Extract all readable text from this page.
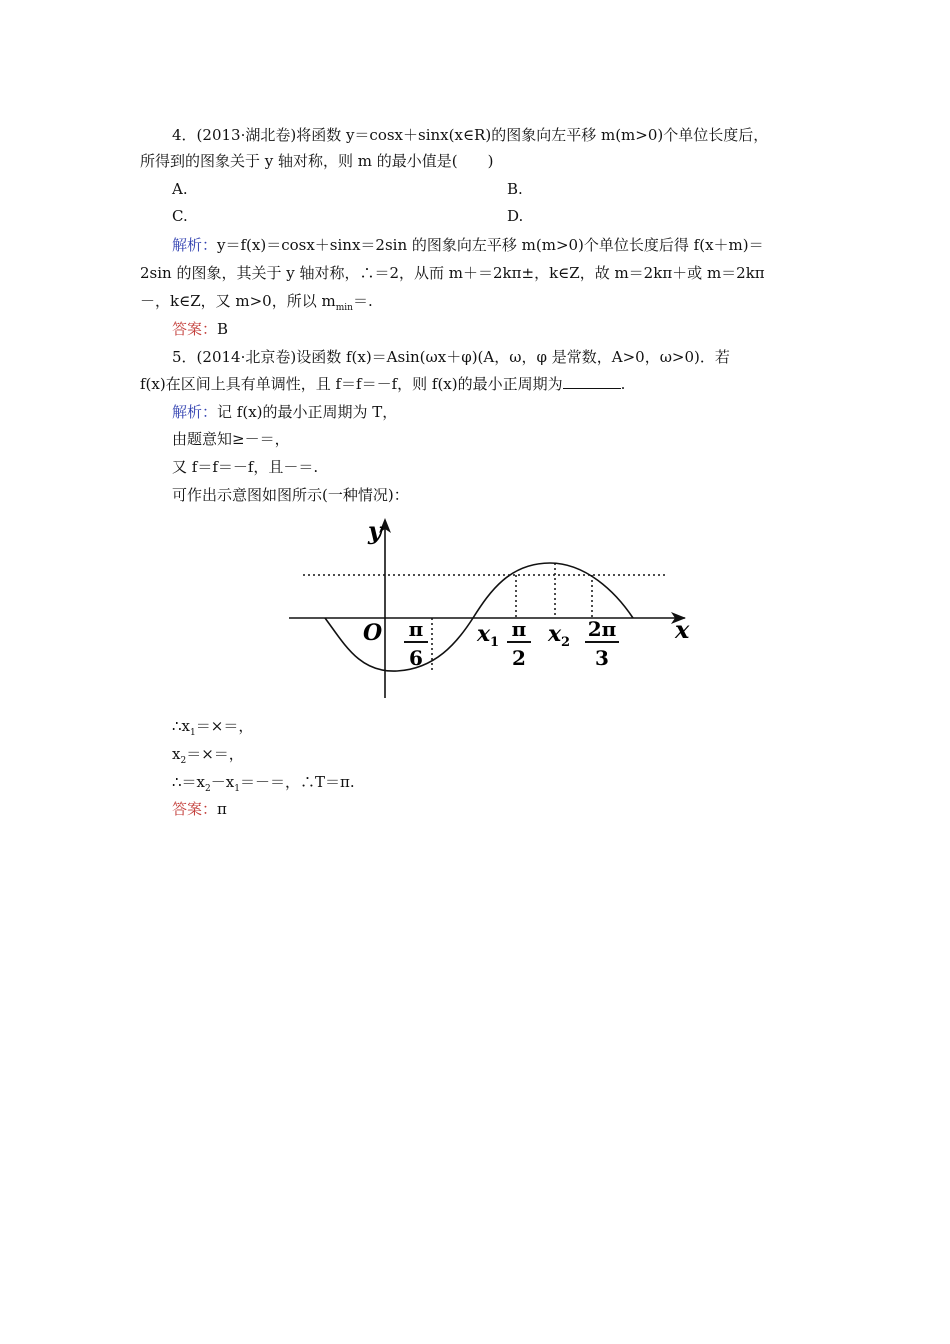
4．(2013·湖北卷)将函数 y＝cosx＋sinx(x∈R)的图象向左平移 m(m>0)个单位长度后，
所得到的图象关于 y 轴对称，则 m 的最小值是(　　)
A.	B.
C.	D.
解析：y＝f(x)＝cosx＋sinx＝2sin 的图象向左平移 m(m>0)个单位长度后得 f(x＋m)＝
2sin 的图象，其关于 y 轴对称，∴＝2，从而 m＋＝2kπ±，k∈Z，故 m＝2kπ＋或 m＝2kπ
－，k∈Z，又 m>0，所以 $m_{min}=$.
答案：B
5．(2014·北京卷)设函数 f(x)＝Asin(ωx＋φ)(A，ω，φ 是常数，A>0，ω>0)．若
f(x)在区间上具有单调性，且 f＝f＝－f，则 f(x)的最小正周期为	.
解析：记 f(x)的最小正周期为 T，
由题意知≥－＝，
又 f＝f＝－f，且－＝.
可作出示意图如图所示(一种情况)：
y
x
O π
6
x 1
π
2
x 2
2π
3
$\therefore x_1=\times=$，
$x_2=\times=$，
$\therefore=x_2-x_1=-=$，∴T＝π.
答案：π
